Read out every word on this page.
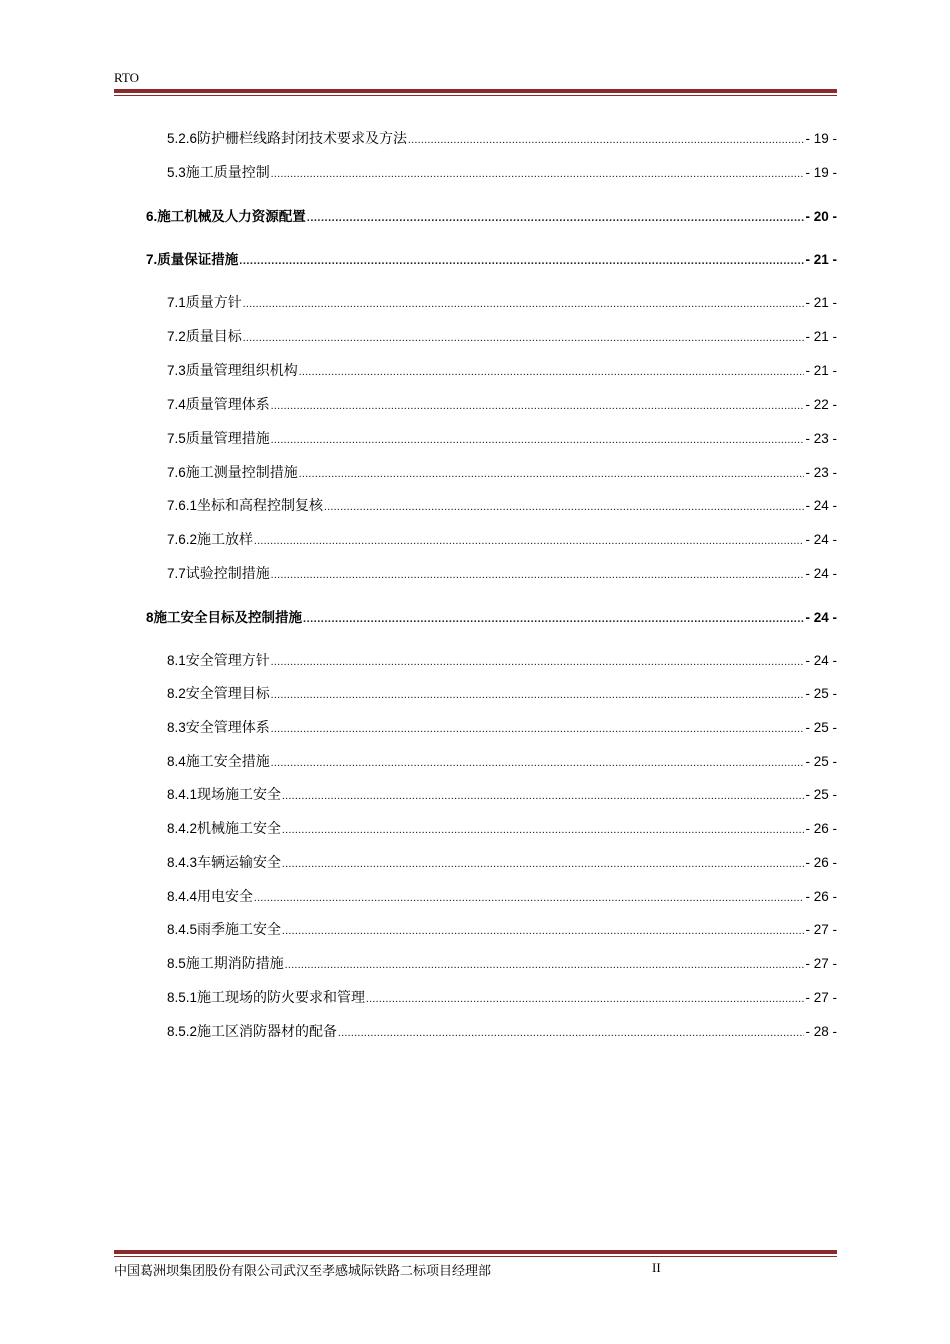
RTO
5.2.6 防护栅栏线路封闭技术要求及方法 .....	- 19 -
5.3 施工质量控制 .....	- 19 -
6. 施工机械及人力资源配置 .....	- 20 -
7. 质量保证措施 .....	- 21 -
7.1 质量方针 .....	- 21 -
7.2 质量目标 .....	- 21 -
7.3 质量管理组织机构 .....	- 21 -
7.4 质量管理体系 .....	- 22 -
7.5 质量管理措施 .....	- 23 -
7.6 施工测量控制措施 .....	- 23 -
7.6.1 坐标和高程控制复核 .....	- 24 -
7.6.2 施工放样 .....	- 24 -
7.7 试验控制措施 .....	- 24 -
8 施工安全目标及控制措施 .....	- 24 -
8.1 安全管理方针 .....	- 24 -
8.2 安全管理目标 .....	- 25 -
8.3 安全管理体系 .....	- 25 -
8.4 施工安全措施 .....	- 25 -
8.4.1 现场施工安全 .....	- 25 -
8.4.2 机械施工安全 .....	- 26 -
8.4.3 车辆运输安全 .....	- 26 -
8.4.4 用电安全 .....	- 26 -
8.4.5 雨季施工安全 .....	- 27 -
8.5 施工期消防措施 .....	- 27 -
8.5.1 施工现场的防火要求和管理 .....	- 27 -
8.5.2 施工区消防器材的配备 .....	- 28 -
中国葛洲坝集团股份有限公司武汉至孝感城际铁路二标项目经理部	II
